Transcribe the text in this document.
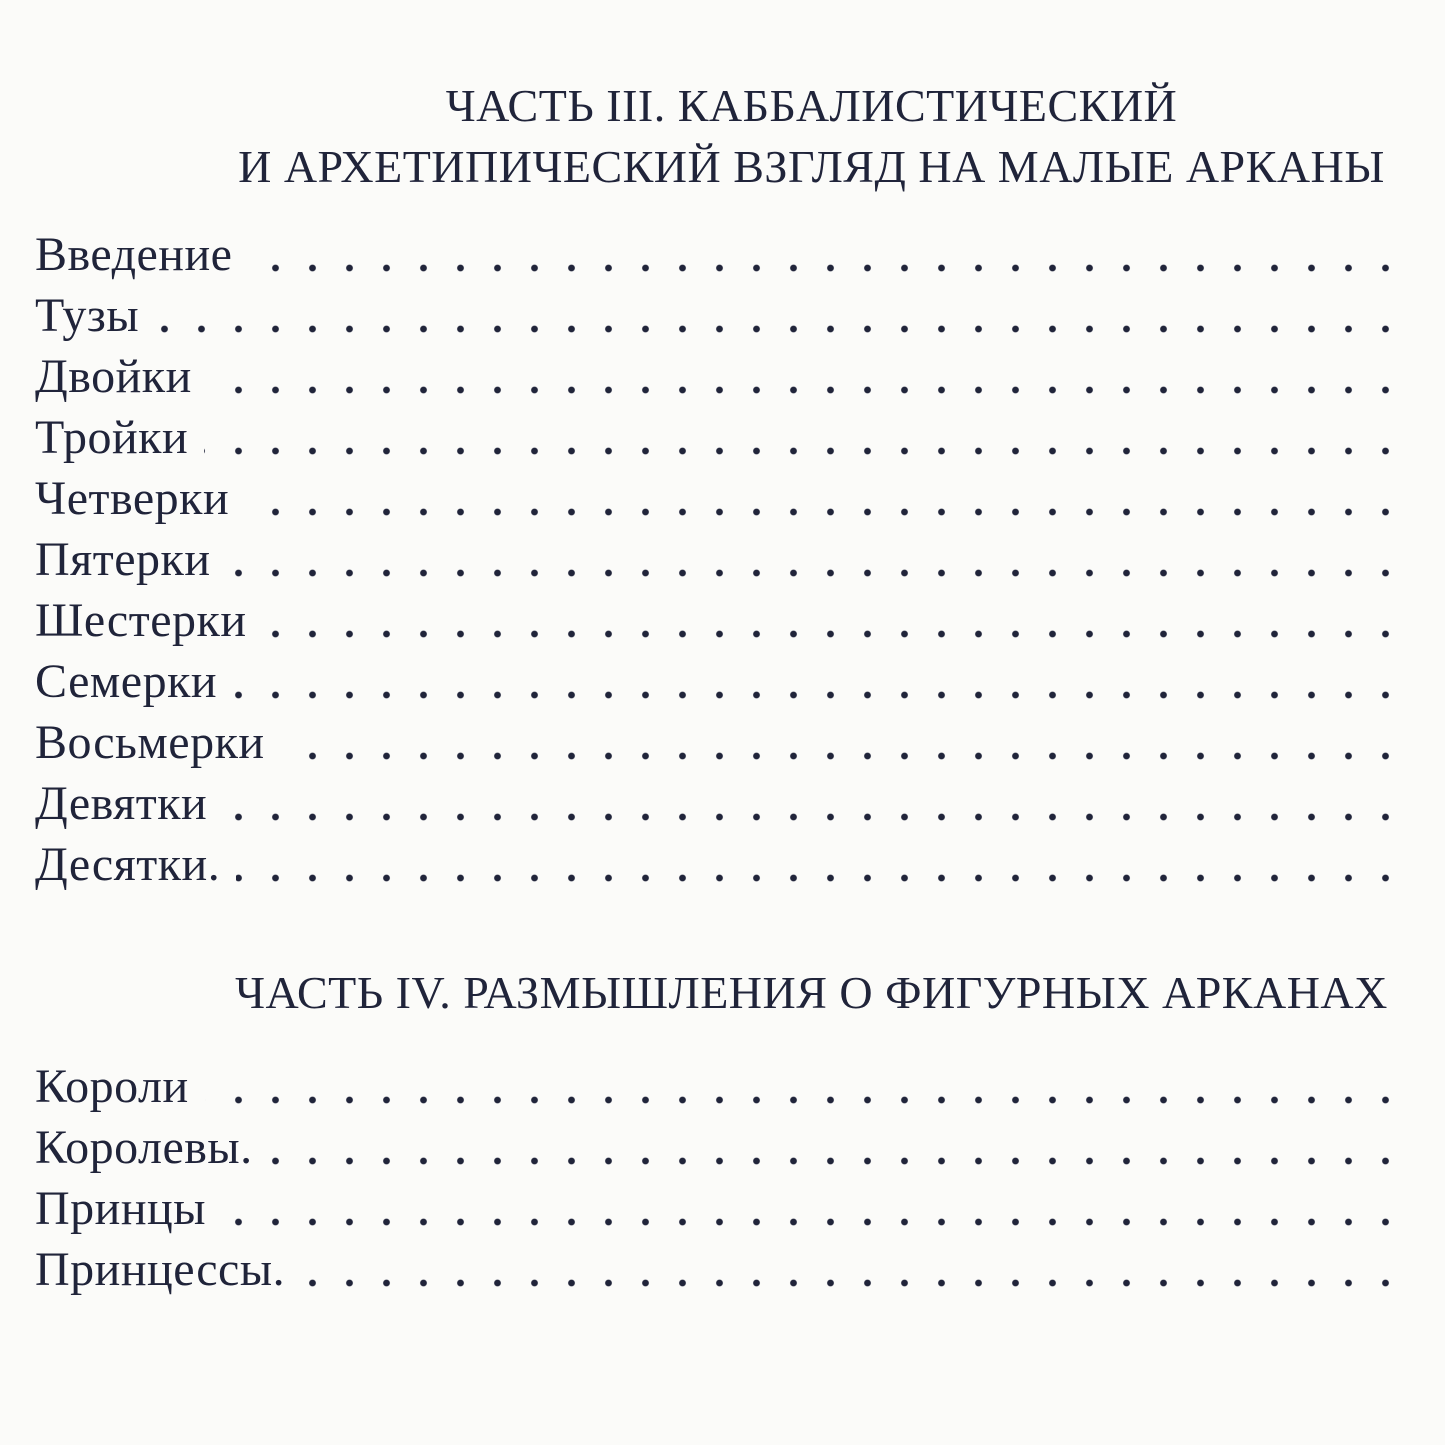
ЧАСТЬ III. КАББАЛИСТИЧЕСКИЙ
И АРХЕТИПИЧЕСКИЙ ВЗГЛЯД НА МАЛЫЕ АРКАНЫ
Введение
Тузы
Двойки
Тройки
Четверки
Пятерки
Шестерки
Семерки
Восьмерки
Девятки
Десятки.
ЧАСТЬ IV. РАЗМЫШЛЕНИЯ О ФИГУРНЫХ АРКАНАХ
Короли
Королевы.
Принцы
Принцессы.
